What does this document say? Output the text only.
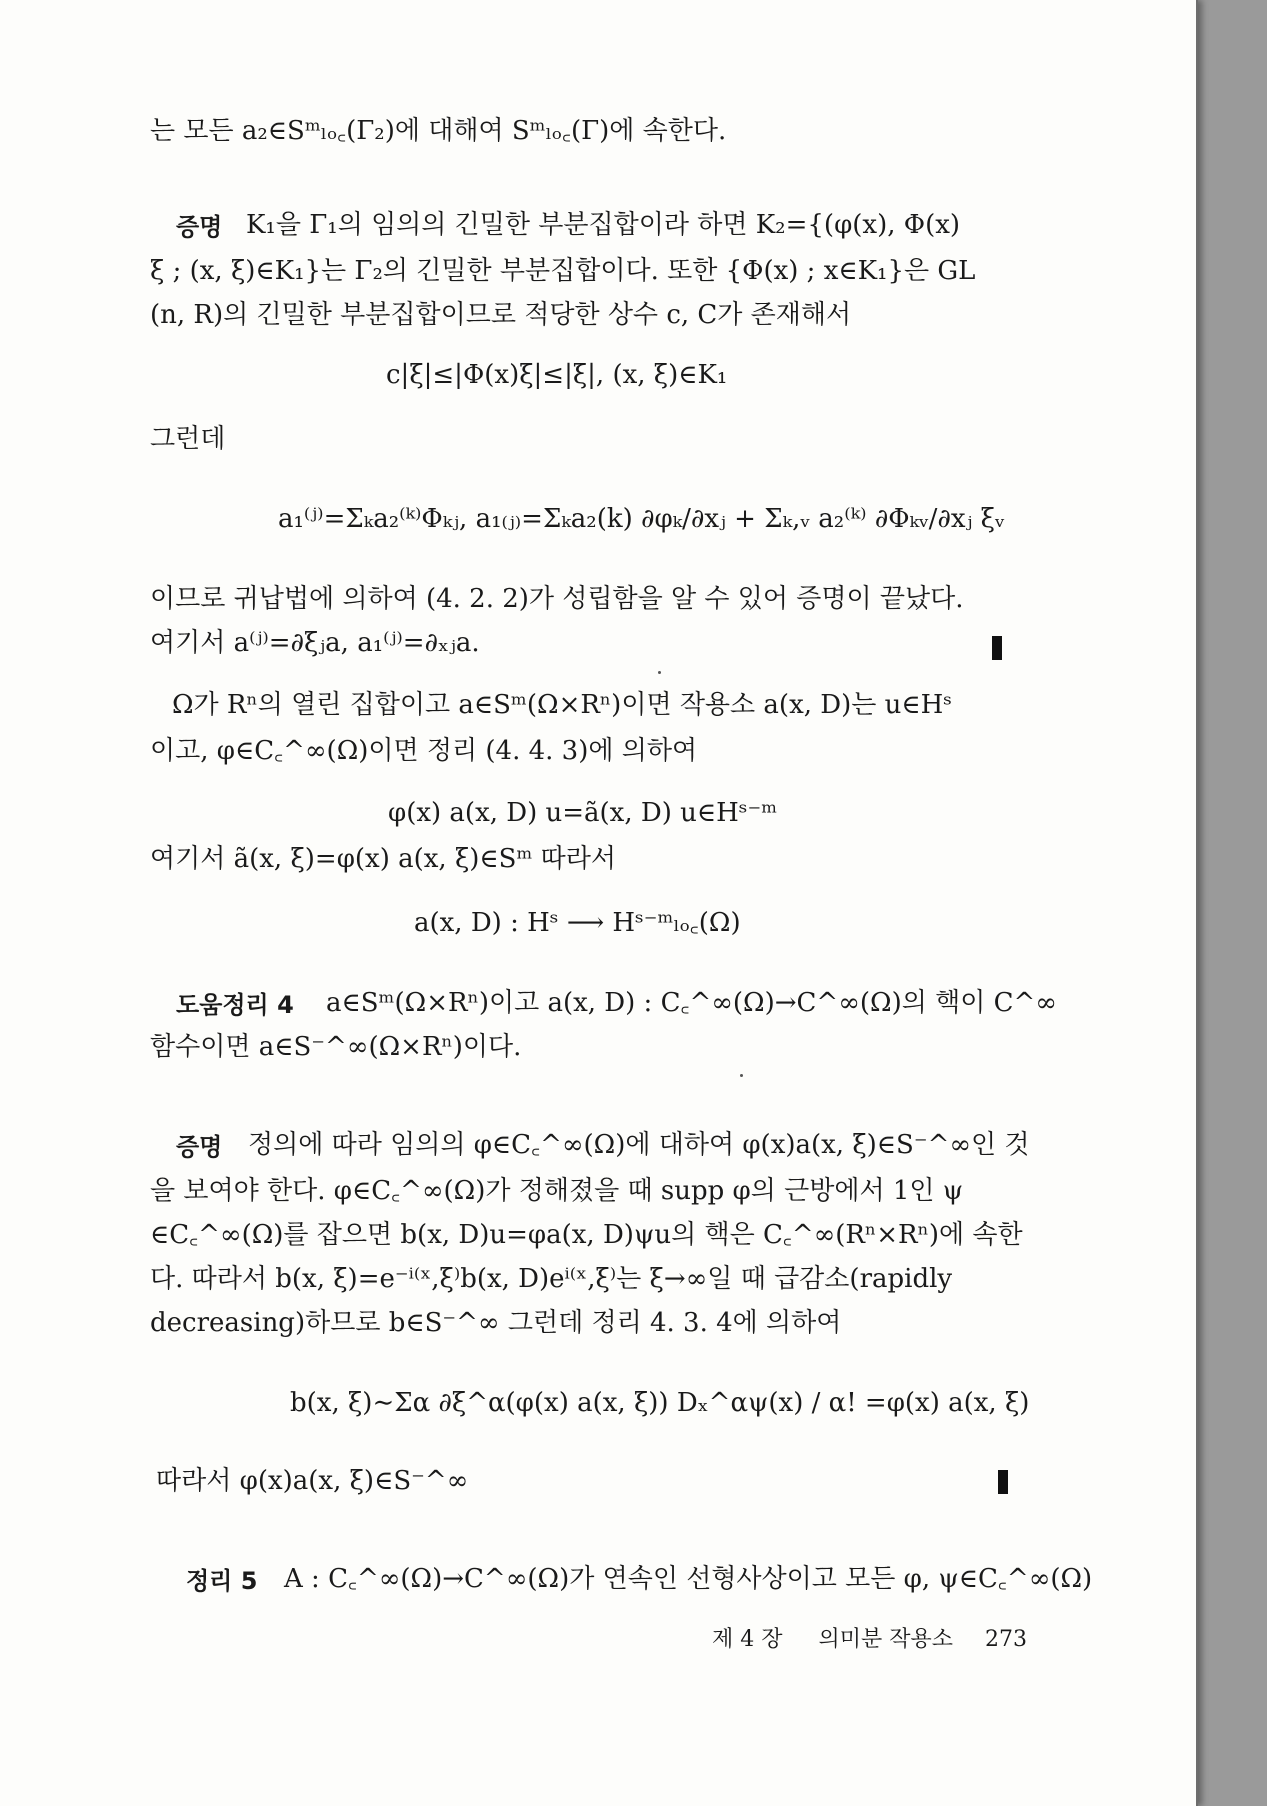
는 모든 a₂∈Sᵐₗₒ꜀(Γ₂)에 대해여 Sᵐₗₒ꜀(Γ)에 속한다.
증명 K₁을 Γ₁의 임의의 긴밀한 부분집합이라 하면 K₂={(φ(x), Φ(x)
ξ ; (x, ξ)∈K₁}는 Γ₂의 긴밀한 부분집합이다. 또한 {Φ(x) ; x∈K₁}은 GL
(n, R)의 긴밀한 부분집합이므로 적당한 상수 c, C가 존재해서
c|ξ|≤|Φ(x)ξ|≤|ξ|, (x, ξ)∈K₁
그런데
a₁⁽ʲ⁾=Σₖa₂⁽ᵏ⁾Φₖⱼ, a₁₍ⱼ₎=Σₖa₂(k) ∂φₖ/∂xⱼ + Σₖ,ᵥ a₂⁽ᵏ⁾ ∂Φₖᵥ/∂xⱼ ξᵥ
이므로 귀납법에 의하여 (4. 2. 2)가 성립함을 알 수 있어 증명이 끝났다.
여기서 a⁽ʲ⁾=∂ξⱼa, a₁⁽ʲ⁾=∂ₓⱼa.
Ω가 Rⁿ의 열린 집합이고 a∈Sᵐ(Ω×Rⁿ)이면 작용소 a(x, D)는 u∈Hˢ
이고, φ∈C꜀^∞(Ω)이면 정리 (4. 4. 3)에 의하여
φ(x) a(x, D) u=ã(x, D) u∈Hˢ⁻ᵐ
여기서 ã(x, ξ)=φ(x) a(x, ξ)∈Sᵐ 따라서
a(x, D) : Hˢ ⟶ Hˢ⁻ᵐₗₒ꜀(Ω)
도움정리 4 a∈Sᵐ(Ω×Rⁿ)이고 a(x, D) : C꜀^∞(Ω)→C^∞(Ω)의 핵이 C^∞
함수이면 a∈S⁻^∞(Ω×Rⁿ)이다.
증명 정의에 따라 임의의 φ∈C꜀^∞(Ω)에 대하여 φ(x)a(x, ξ)∈S⁻^∞인 것
을 보여야 한다. φ∈C꜀^∞(Ω)가 정해졌을 때 supp φ의 근방에서 1인 ψ
∈C꜀^∞(Ω)를 잡으면 b(x, D)u=φa(x, D)ψu의 핵은 C꜀^∞(Rⁿ×Rⁿ)에 속한
다. 따라서 b(x, ξ)=e⁻ⁱ⁽ˣ,ξ⁾b(x, D)eⁱ⁽ˣ,ξ⁾는 ξ→∞일 때 급감소(rapidly
decreasing)하므로 b∈S⁻^∞ 그런데 정리 4. 3. 4에 의하여
b(x, ξ)∼Σα ∂ξ^α(φ(x) a(x, ξ)) Dₓ^αψ(x) / α! =φ(x) a(x, ξ)
따라서 φ(x)a(x, ξ)∈S⁻^∞
정리 5 A : C꜀^∞(Ω)→C^∞(Ω)가 연속인 선형사상이고 모든 φ, ψ∈C꜀^∞(Ω)
제 4 장 의미분 작용소 273
